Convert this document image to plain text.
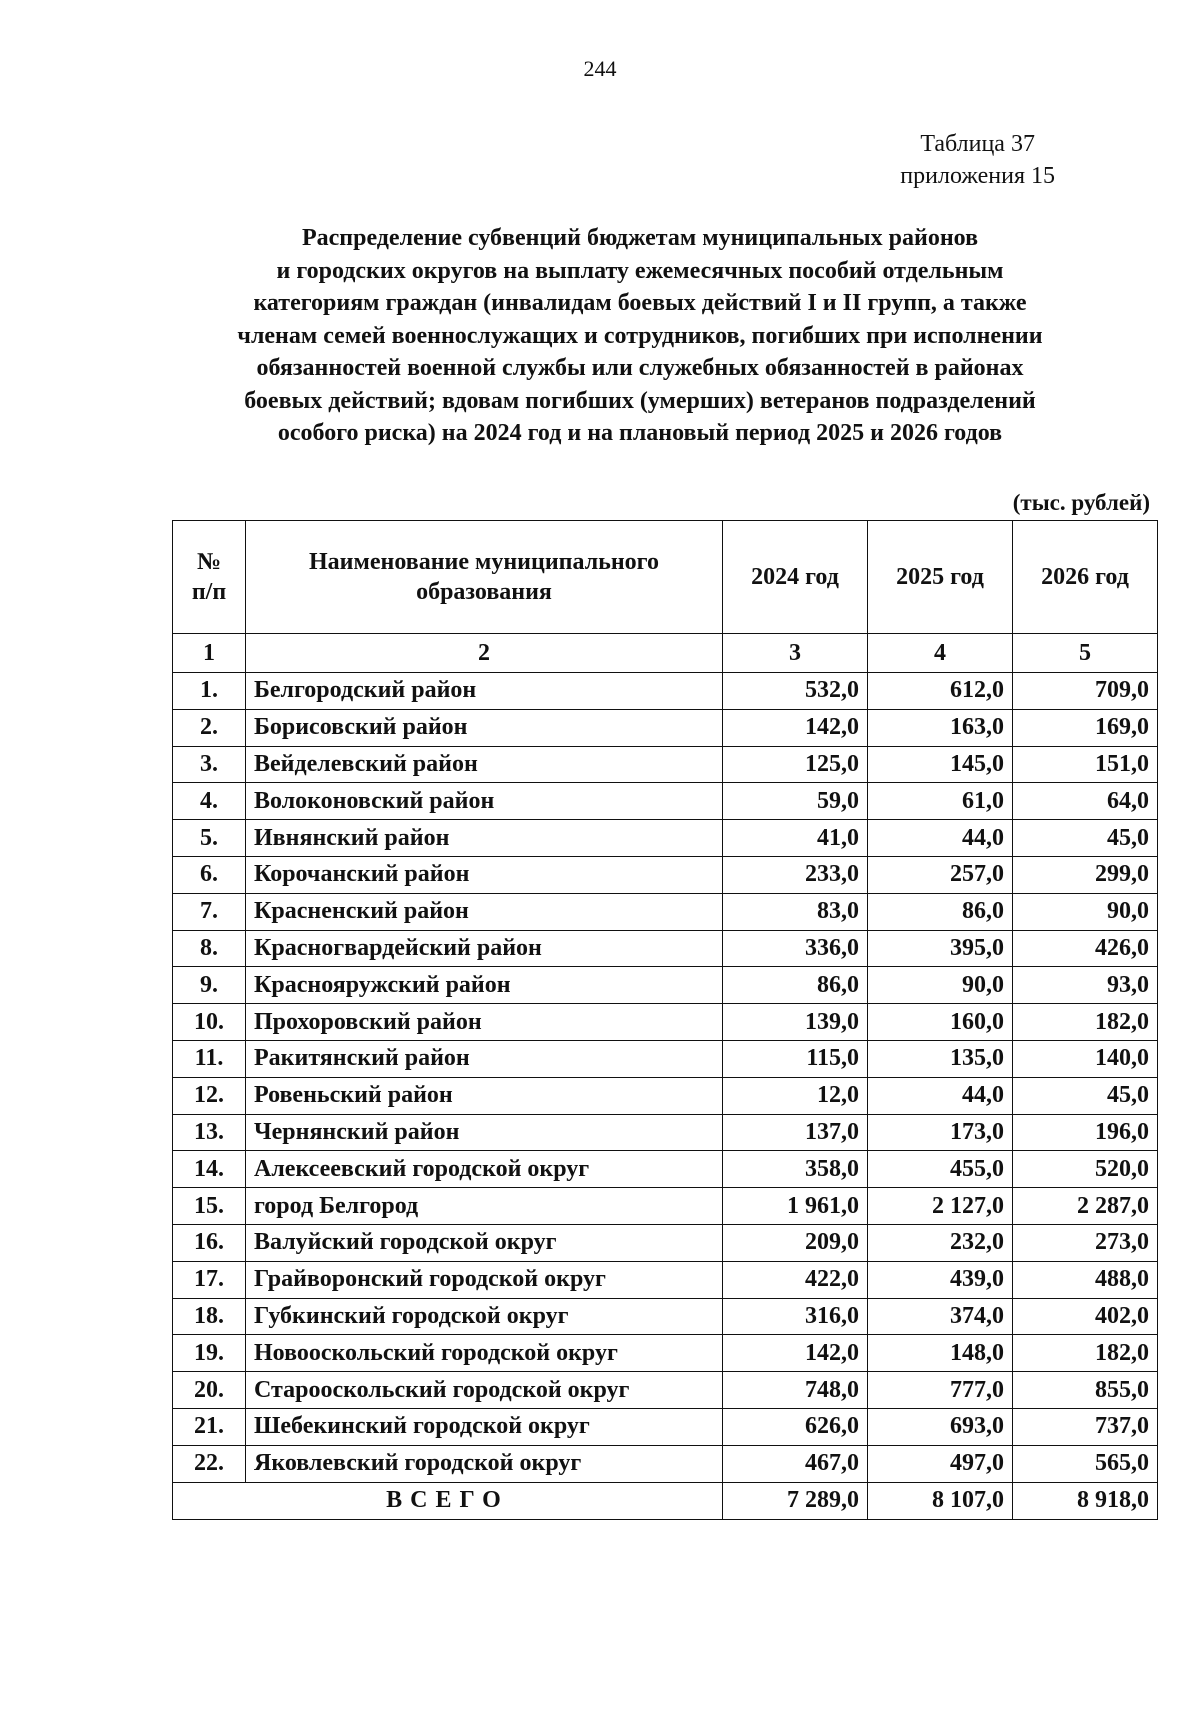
244
Таблица 37
приложения 15
Распределение субвенций бюджетам муниципальных районов
и городских округов на выплату ежемесячных пособий отдельным
категориям граждан (инвалидам боевых действий I и II групп, а также
членам семей военнослужащих и сотрудников, погибших при исполнении
обязанностей военной службы или служебных обязанностей в районах
боевых действий; вдовам погибших (умерших) ветеранов подразделений
особого риска) на 2024 год и на плановый период 2025 и 2026 годов
(тыс. рублей)
№
п/п	Наименование муниципального образования	2024 год	2025 год	2026 год
1	2	3	4	5
1.	Белгородский район	532,0	612,0	709,0
2.	Борисовский район	142,0	163,0	169,0
3.	Вейделевский район	125,0	145,0	151,0
4.	Волоконовский район	59,0	61,0	64,0
5.	Ивнянский район	41,0	44,0	45,0
6.	Корочанский район	233,0	257,0	299,0
7.	Красненский район	83,0	86,0	90,0
8.	Красногвардейский район	336,0	395,0	426,0
9.	Краснояружский район	86,0	90,0	93,0
10.	Прохоровский район	139,0	160,0	182,0
11.	Ракитянский район	115,0	135,0	140,0
12.	Ровеньский район	12,0	44,0	45,0
13.	Чернянский район	137,0	173,0	196,0
14.	Алексеевский городской округ	358,0	455,0	520,0
15.	город Белгород	1 961,0	2 127,0	2 287,0
16.	Валуйский городской округ	209,0	232,0	273,0
17.	Грайворонский городской округ	422,0	439,0	488,0
18.	Губкинский городской округ	316,0	374,0	402,0
19.	Новооскольский городской округ	142,0	148,0	182,0
20.	Старооскольский городской округ	748,0	777,0	855,0
21.	Шебекинский городской округ	626,0	693,0	737,0
22.	Яковлевский городской округ	467,0	497,0	565,0
ВСЕГО		7 289,0	8 107,0	8 918,0
